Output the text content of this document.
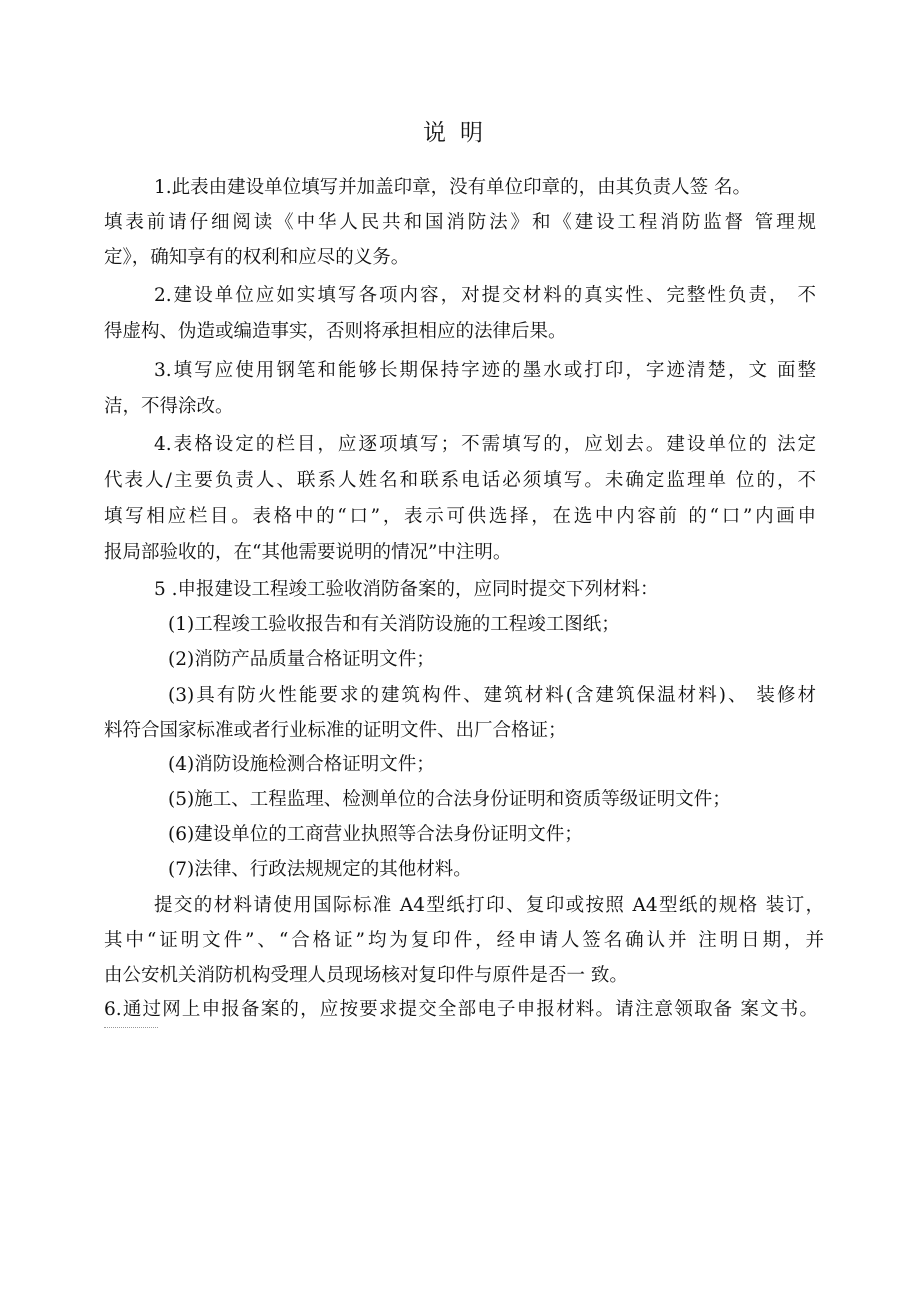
说明
1.此表由建设单位填写并加盖印章，没有单位印章的，由其负责人签 名。
填表前请仔细阅读《中华人民共和国消防法》和《建设工程消防监督 管理规
定》，确知享有的权利和应尽的义务。
2.建设单位应如实填写各项内容，对提交材料的真实性、完整性负责， 不
得虚构、伪造或编造事实，否则将承担相应的法律后果。
3.填写应使用钢笔和能够长期保持字迹的墨水或打印，字迹清楚，文 面整
洁，不得涂改。
4.表格设定的栏目，应逐项填写；不需填写的，应划去。建设单位的 法定
代表人/主要负责人、联系人姓名和联系电话必须填写。未确定监理单 位的，不
填写相应栏目。表格中的“口”，表示可供选择，在选中内容前 的“口”内画申
报局部验收的，在“其他需要说明的情况”中注明。
5 .申报建设工程竣工验收消防备案的，应同时提交下列材料：
(1)工程竣工验收报告和有关消防设施的工程竣工图纸；
(2)消防产品质量合格证明文件；
(3)具有防火性能要求的建筑构件、建筑材料(含建筑保温材料)、 装修材
料符合国家标准或者行业标准的证明文件、出厂合格证；
(4)消防设施检测合格证明文件；
(5)施工、工程监理、检测单位的合法身份证明和资质等级证明文件；
(6)建设单位的工商营业执照等合法身份证明文件；
(7)法律、行政法规规定的其他材料。
提交的材料请使用国际标准 A4型纸打印、复印或按照 A4型纸的规格 装订，
其中“证明文件”、“合格证”均为复印件，经申请人签名确认并 注明日期，并
由公安机关消防机构受理人员现场核对复印件与原件是否一 致。
6.通过网上申报备案的，应按要求提交全部电子申报材料。请注意领取备 案文书。
